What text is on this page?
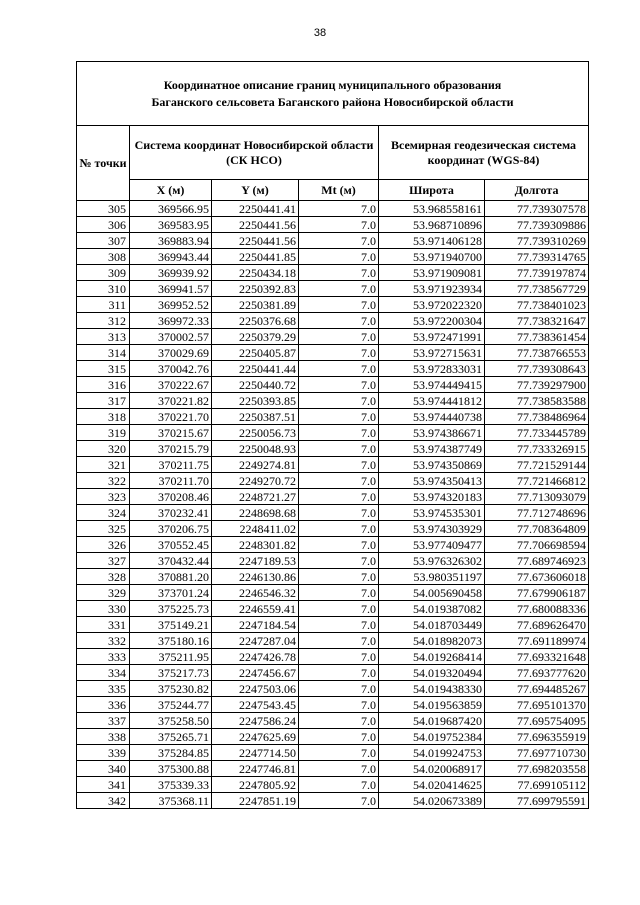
38
Координатное описание границ муниципального образования
Баганского сельсовета Баганского района Новосибирской области					

№ точки	Система координат Новосибирской области (СК НСО)			Всемирная геодезическая система координат (WGS-84)	
	X (м)	Y (м)	Mt (м)	Широта	Долгота
305	369566.95	2250441.41	7.0	53.968558161	77.739307578
306	369583.95	2250441.56	7.0	53.968710896	77.739309886
307	369883.94	2250441.56	7.0	53.971406128	77.739310269
308	369943.44	2250441.85	7.0	53.971940700	77.739314765
309	369939.92	2250434.18	7.0	53.971909081	77.739197874
310	369941.57	2250392.83	7.0	53.971923934	77.738567729
311	369952.52	2250381.89	7.0	53.972022320	77.738401023
312	369972.33	2250376.68	7.0	53.972200304	77.738321647
313	370002.57	2250379.29	7.0	53.972471991	77.738361454
314	370029.69	2250405.87	7.0	53.972715631	77.738766553
315	370042.76	2250441.44	7.0	53.972833031	77.739308643
316	370222.67	2250440.72	7.0	53.974449415	77.739297900
317	370221.82	2250393.85	7.0	53.974441812	77.738583588
318	370221.70	2250387.51	7.0	53.974440738	77.738486964
319	370215.67	2250056.73	7.0	53.974386671	77.733445789
320	370215.79	2250048.93	7.0	53.974387749	77.733326915
321	370211.75	2249274.81	7.0	53.974350869	77.721529144
322	370211.70	2249270.72	7.0	53.974350413	77.721466812
323	370208.46	2248721.27	7.0	53.974320183	77.713093079
324	370232.41	2248698.68	7.0	53.974535301	77.712748696
325	370206.75	2248411.02	7.0	53.974303929	77.708364809
326	370552.45	2248301.82	7.0	53.977409477	77.706698594
327	370432.44	2247189.53	7.0	53.976326302	77.689746923
328	370881.20	2246130.86	7.0	53.980351197	77.673606018
329	373701.24	2246546.32	7.0	54.005690458	77.679906187
330	375225.73	2246559.41	7.0	54.019387082	77.680088336
331	375149.21	2247184.54	7.0	54.018703449	77.689626470
332	375180.16	2247287.04	7.0	54.018982073	77.691189974
333	375211.95	2247426.78	7.0	54.019268414	77.693321648
334	375217.73	2247456.67	7.0	54.019320494	77.693777620
335	375230.82	2247503.06	7.0	54.019438330	77.694485267
336	375244.77	2247543.45	7.0	54.019563859	77.695101370
337	375258.50	2247586.24	7.0	54.019687420	77.695754095
338	375265.71	2247625.69	7.0	54.019752384	77.696355919
339	375284.85	2247714.50	7.0	54.019924753	77.697710730
340	375300.88	2247746.81	7.0	54.020068917	77.698203558
341	375339.33	2247805.92	7.0	54.020414625	77.699105112
342	375368.11	2247851.19	7.0	54.020673389	77.699795591
